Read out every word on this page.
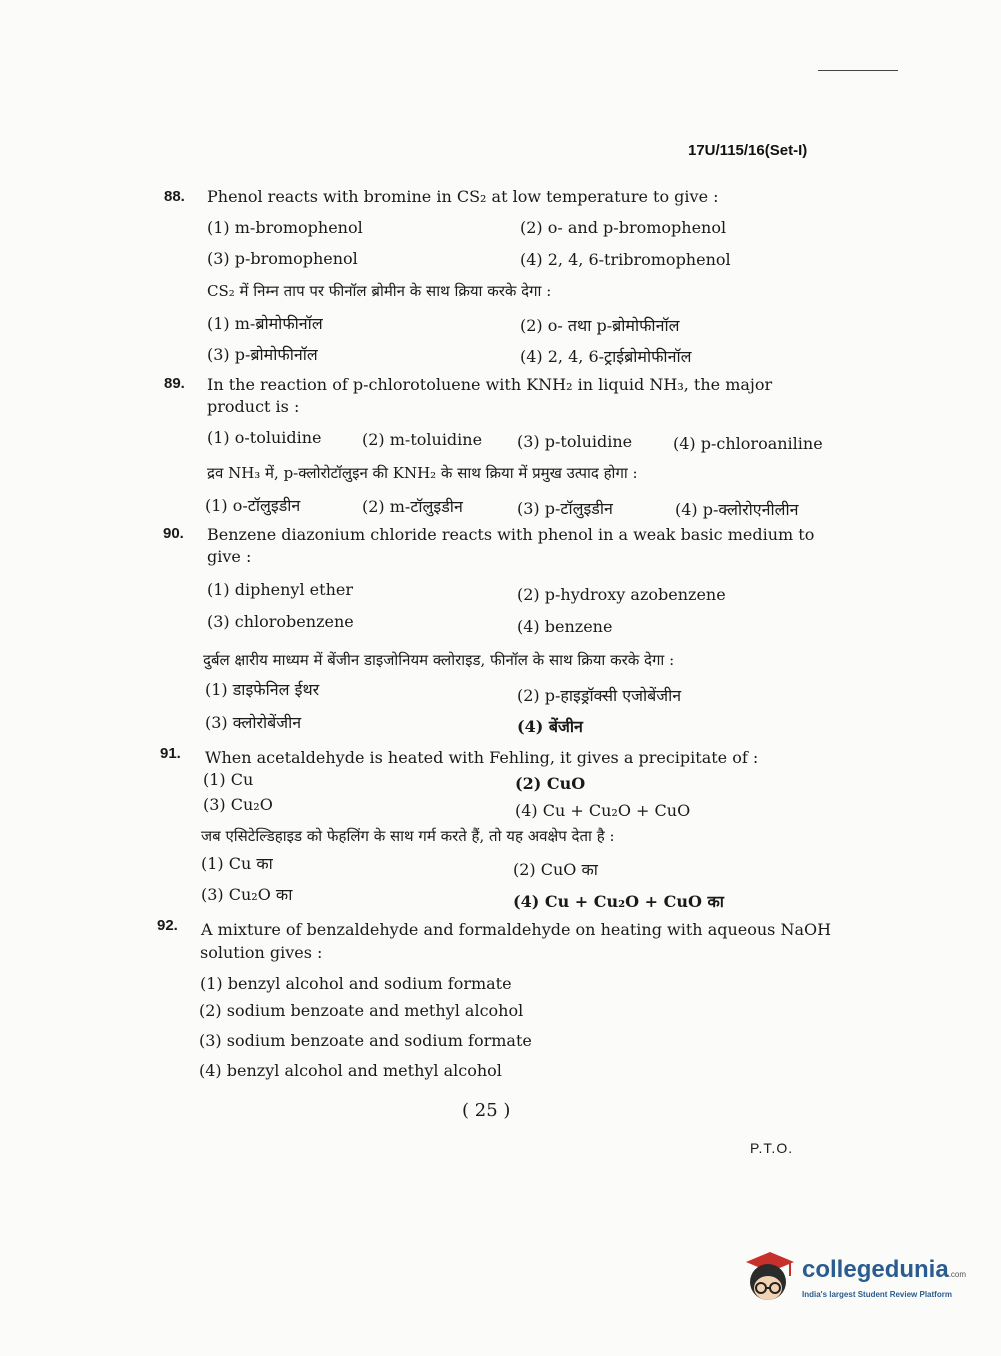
17U/115/16(Set-I)
88. Phenol reacts with bromine in CS₂ at low temperature to give :
(1) m-bromophenol	(2) o- and p-bromophenol
(3) p-bromophenol	(4) 2, 4, 6-tribromophenol
CS₂ में निम्न ताप पर फीनॉल ब्रोमीन के साथ क्रिया करके देगा :
(1) m-ब्रोमोफीनॉल	(2) o- तथा p-ब्रोमोफीनॉल
(3) p-ब्रोमोफीनॉल	(4) 2, 4, 6-ट्राईब्रोमोफीनॉल
89. In the reaction of p-chlorotoluene with KNH₂ in liquid NH₃, the major
product is :
(1) o-toluidine	(2) m-toluidine (3) p-toluidine	(4) p-chloroaniline
द्रव NH₃ में, p-क्लोरोटॉलुइन की KNH₂ के साथ क्रिया में प्रमुख उत्पाद होगा :
(1) o-टॉलुइडीन	(2) m-टॉलुइडीन	(3) p-टॉलुइडीन	(4) p-क्लोरोएनीलीन
90. Benzene diazonium chloride reacts with phenol in a weak basic medium to
give :
(1) diphenyl ether	(2) p-hydroxy azobenzene
(3) chlorobenzene	(4) benzene
दुर्बल क्षारीय माध्यम में बेंजीन डाइजोनियम क्लोराइड, फीनॉल के साथ क्रिया करके देगा :
(1) डाइफेनिल ईथर	(2) p-हाइड्रॉक्सी एजोबेंजीन
(3) क्लोरोबेंजीन	(4) बेंजीन
91. When acetaldehyde is heated with Fehling, it gives a precipitate of :
(1) Cu	(2) CuO
(3) Cu₂O	(4) Cu + Cu₂O + CuO
जब एसिटेल्डिहाइड को फेहलिंग के साथ गर्म करते हैं, तो यह अवक्षेप देता है :
(1) Cu का	(2) CuO का
(3) Cu₂O का	(4) Cu + Cu₂O + CuO का
92. A mixture of benzaldehyde and formaldehyde on heating with aqueous NaOH
solution gives :
(1) benzyl alcohol and sodium formate
(2) sodium benzoate and methyl alcohol
(3) sodium benzoate and sodium formate
(4) benzyl alcohol and methyl alcohol
( 25 )
P.T.O.
collegedunia.com
India's largest Student Review Platform
